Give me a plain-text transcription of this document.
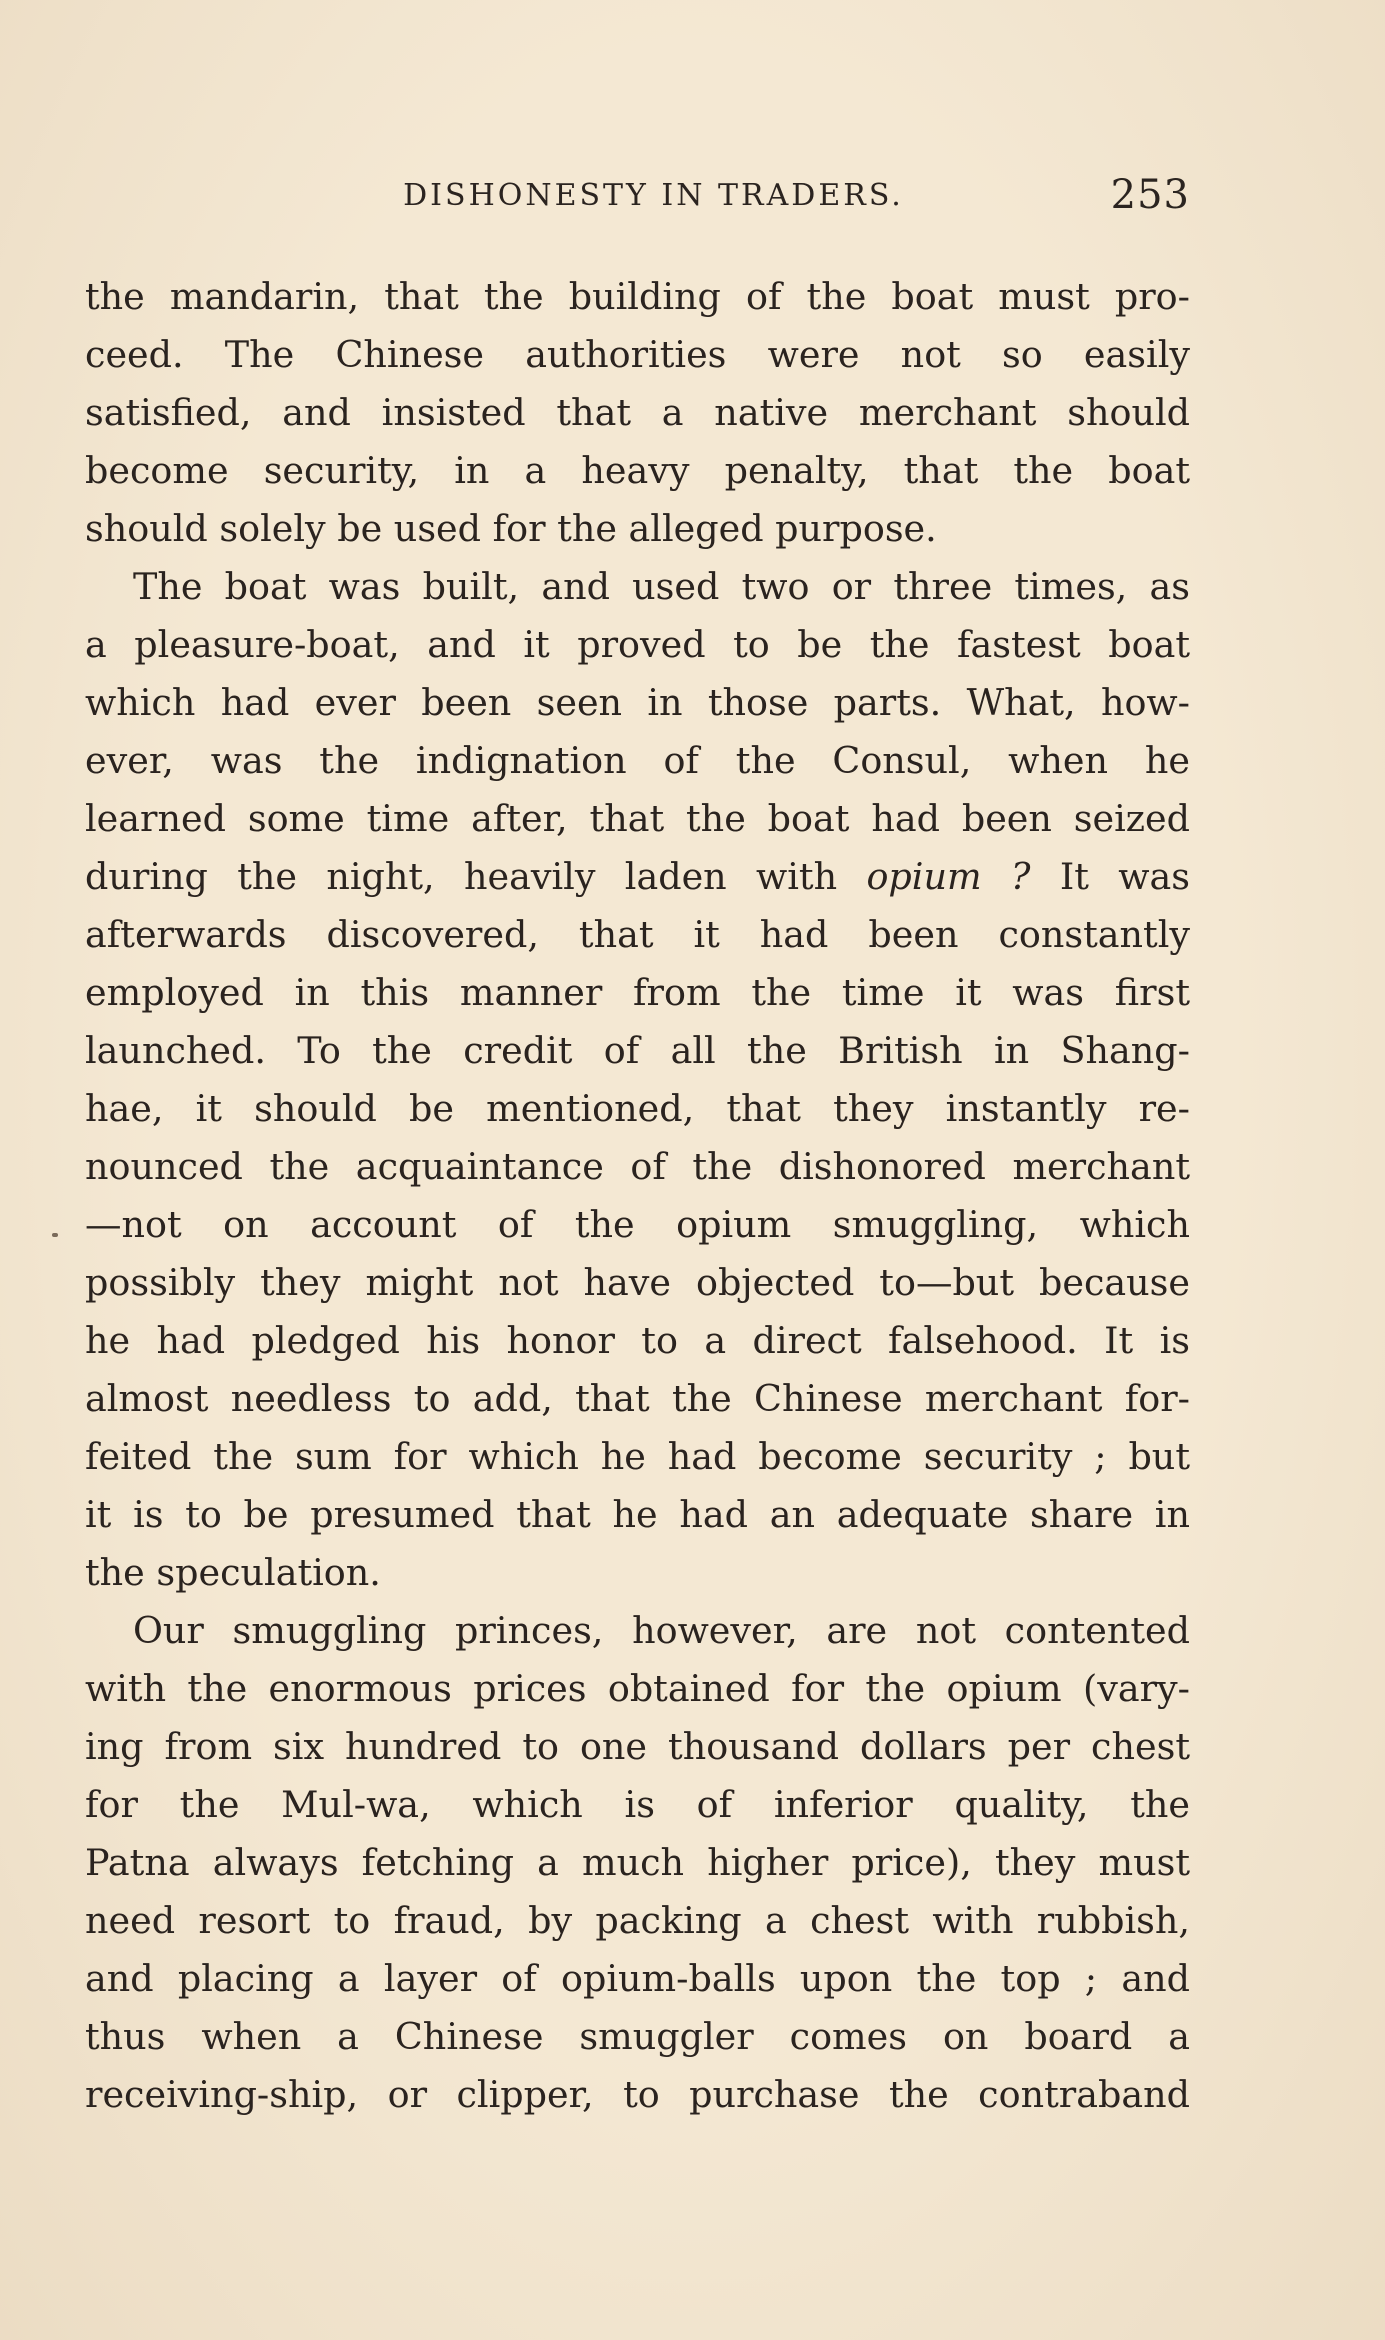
DISHONESTY IN TRADERS.	253
the mandarin, that the building of the boat must pro-
ceed. The Chinese authorities were not so easily
satisfied, and insisted that a native merchant should
become security, in a heavy penalty, that the boat
should solely be used for the alleged purpose.
The boat was built, and used two or three times, as
a pleasure-boat, and it proved to be the fastest boat
which had ever been seen in those parts. What, how-
ever, was the indignation of the Consul, when he
learned some time after, that the boat had been seized
during the night, heavily laden with opium ? It was
afterwards discovered, that it had been constantly
employed in this manner from the time it was first
launched. To the credit of all the British in Shang-
hae, it should be mentioned, that they instantly re-
nounced the acquaintance of the dishonored merchant
—not on account of the opium smuggling, which
possibly they might not have objected to—but because
he had pledged his honor to a direct falsehood. It is
almost needless to add, that the Chinese merchant for-
feited the sum for which he had become security ; but
it is to be presumed that he had an adequate share in
the speculation.
Our smuggling princes, however, are not contented
with the enormous prices obtained for the opium (vary-
ing from six hundred to one thousand dollars per chest
for the Mul-wa, which is of inferior quality, the
Patna always fetching a much higher price), they must
need resort to fraud, by packing a chest with rubbish,
and placing a layer of opium-balls upon the top ; and
thus when a Chinese smuggler comes on board a
receiving-ship, or clipper, to purchase the contraband
